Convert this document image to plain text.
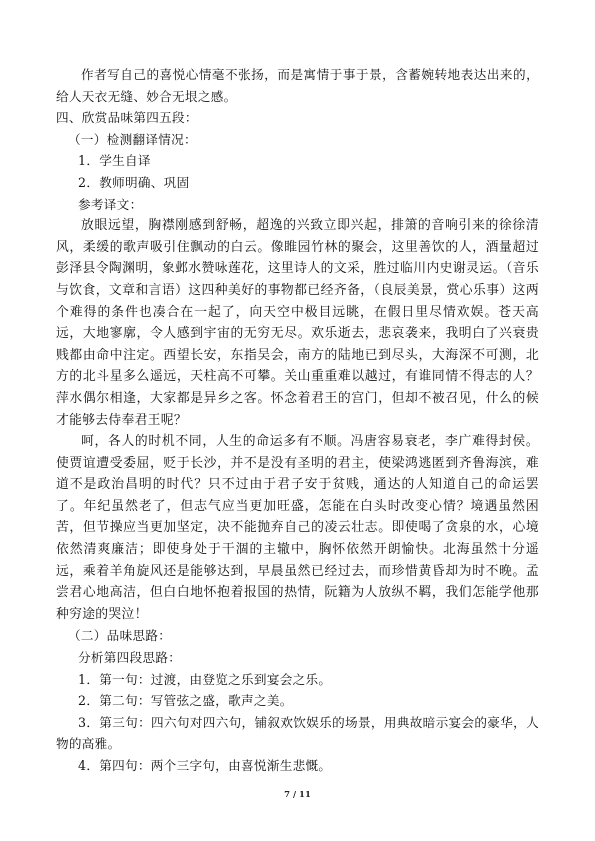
作者写自己的喜悦心情毫不张扬，而是寓情于事于景，含蓄婉转地表达出来的，给人天衣无缝、妙合无垠之感。

四、欣赏品味第四五段：

（一）检测翻译情况：

1．学生自译

2．教师明确、巩固

参考译文：

放眼远望，胸襟刚感到舒畅，超逸的兴致立即兴起，排箫的音响引来的徐徐清风，柔缓的歌声吸引住飘动的白云。像睢园竹林的聚会，这里善饮的人，酒量超过彭泽县令陶渊明，象邺水赞咏莲花，这里诗人的文采，胜过临川内史谢灵运。（音乐与饮食，文章和言语）这四种美好的事物都已经齐备，（良辰美景，赏心乐事）这两个难得的条件也凑合在一起了，向天空中极目远眺，在假日里尽情欢娱。苍天高远，大地寥廓，令人感到宇宙的无穷无尽。欢乐逝去，悲哀袭来，我明白了兴衰贵贱都由命中注定。西望长安，东指吴会，南方的陆地已到尽头，大海深不可测，北方的北斗星多么遥远，天柱高不可攀。关山重重难以越过，有谁同情不得志的人？萍水偶尔相逢，大家都是异乡之客。怀念着君王的宫门，但却不被召见，什么的候才能够去侍奉君王呢？

呵，各人的时机不同，人生的命运多有不顺。冯唐容易衰老，李广难得封侯。使贾谊遭受委屈，贬于长沙，并不是没有圣明的君主，使梁鸿逃匿到齐鲁海滨，难道不是政治昌明的时代？只不过由于君子安于贫贱，通达的人知道自己的命运罢了。年纪虽然老了，但志气应当更加旺盛，怎能在白头时改变心情？境遇虽然困苦，但节操应当更加坚定，决不能抛弃自己的凌云壮志。即使喝了贪泉的水，心境依然清爽廉洁；即使身处于干涸的主辙中，胸怀依然开朗愉快。北海虽然十分遥远，乘着羊角旋风还是能够达到，早晨虽然已经过去，而珍惜黄昏却为时不晚。孟尝君心地高洁，但白白地怀抱着报国的热情，阮籍为人放纵不羁，我们怎能学他那种穷途的哭泣！

（二）品味思路：

分析第四段思路：

1．第一句：过渡，由登览之乐到宴会之乐。

2．第二句：写管弦之盛，歌声之美。

3．第三句：四六句对四六句，铺叙欢饮娱乐的场景，用典故暗示宴会的豪华，人物的高雅。

4．第四句：两个三字句，由喜悦渐生悲慨。

7 / 11
